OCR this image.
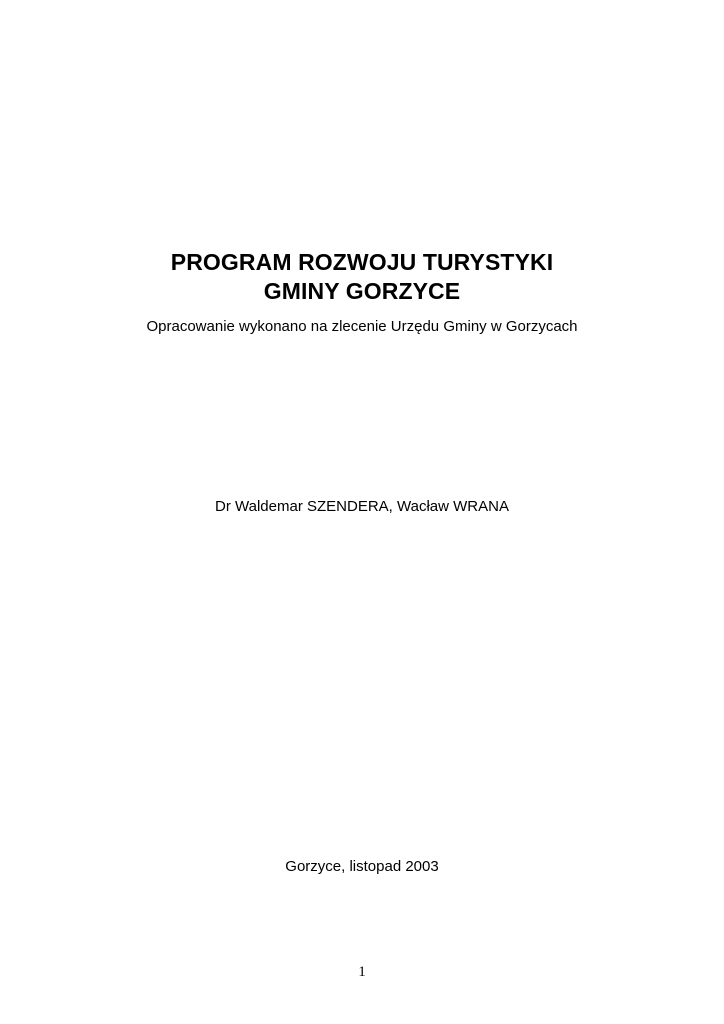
PROGRAM ROZWOJU TURYSTYKI
GMINY GORZYCE
Opracowanie wykonano na zlecenie Urzędu Gminy w Gorzycach
Dr Waldemar SZENDERA, Wacław WRANA
Gorzyce, listopad 2003
1
